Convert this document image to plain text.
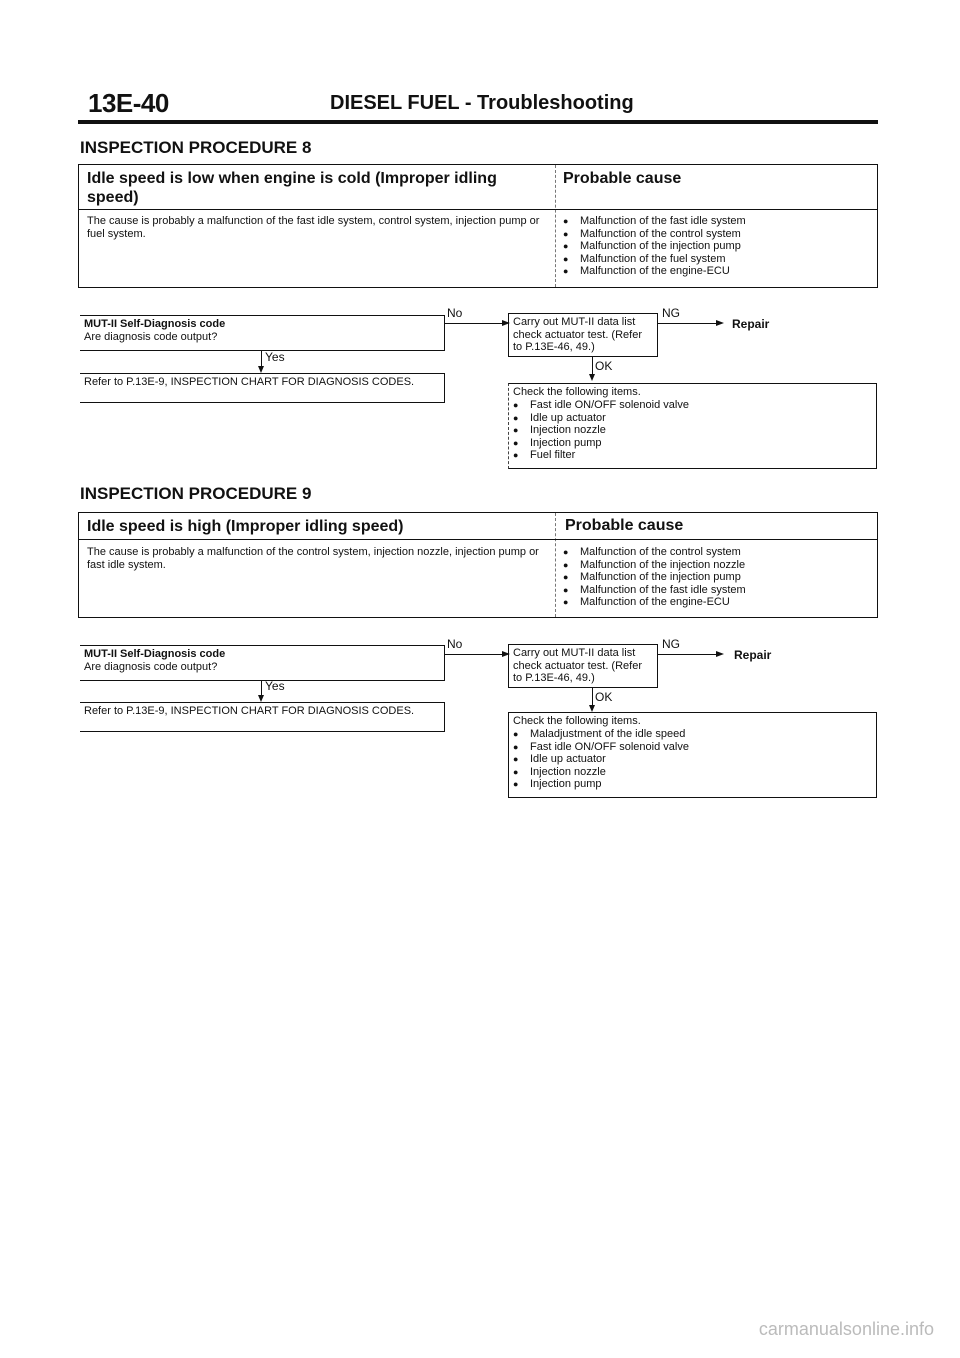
13E-40	DIESEL FUEL - Troubleshooting
INSPECTION PROCEDURE 8
Idle speed is low when engine is cold (Improper idling speed)
Probable cause
The cause is probably a malfunction of the fast idle system, control system, injection pump or fuel system.
● Malfunction of the fast idle system
● Malfunction of the control system
● Malfunction of the injection pump
● Malfunction of the fuel system
● Malfunction of the engine-ECU
MUT-II Self-Diagnosis code
Are diagnosis code output?
No
Yes
Refer to P.13E-9, INSPECTION CHART FOR DIAGNOSIS CODES.
Carry out MUT-II data list check actuator test. (Refer to P.13E-46, 49.)
NG
Repair
OK
Check the following items.
● Fast idle ON/OFF solenoid valve
● Idle up actuator
● Injection nozzle
● Injection pump
● Fuel filter
INSPECTION PROCEDURE 9
Idle speed is high (Improper idling speed)	Probable cause
The cause is probably a malfunction of the control system, injection nozzle, injection pump or fast idle system.
● Malfunction of the control system
● Malfunction of the injection nozzle
● Malfunction of the injection pump
● Malfunction of the fast idle system
● Malfunction of the engine-ECU
MUT-II Self-Diagnosis code
Are diagnosis code output?
No
Yes
Refer to P.13E-9, INSPECTION CHART FOR DIAGNOSIS CODES.
Carry out MUT-II data list check actuator test. (Refer to P.13E-46, 49.)
NG
Repair
OK
Check the following items.
● Maladjustment of the idle speed
● Fast idle ON/OFF solenoid valve
● Idle up actuator
● Injection nozzle
● Injection pump
carmanualsonline.info
